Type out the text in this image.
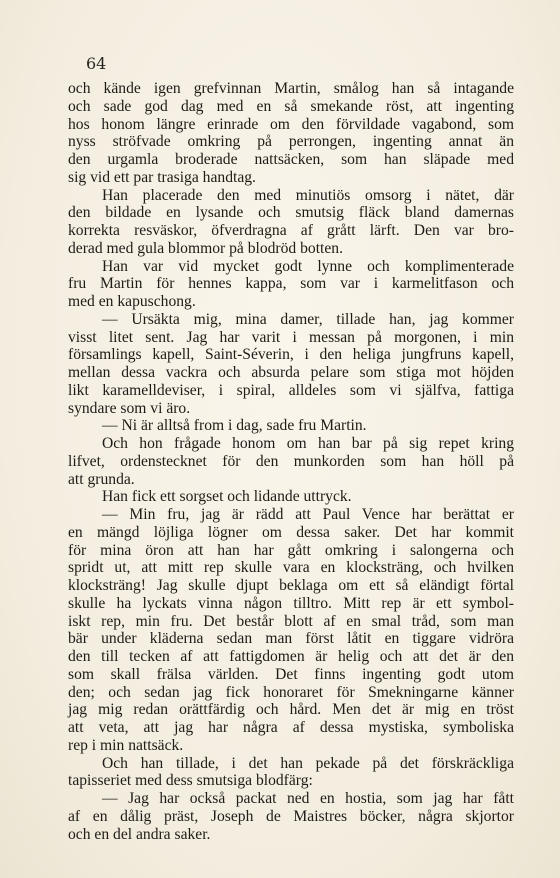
64
och kände igen grefvinnan Martin, smålog han så intagande
och sade god dag med en så smekande röst, att ingenting
hos honom längre erinrade om den förvildade vagabond, som
nyss ströfvade omkring på perrongen, ingenting annat än
den urgamla broderade nattsäcken, som han släpade med
sig vid ett par trasiga handtag.
Han placerade den med minutiös omsorg i nätet, där
den bildade en lysande och smutsig fläck bland damernas
korrekta resväskor, öfverdragna af grått lärft. Den var bro-
derad med gula blommor på blodröd botten.
Han var vid mycket godt lynne och komplimenterade
fru Martin för hennes kappa, som var i karmelitfason och
med en kapuschong.
— Ursäkta mig, mina damer, tillade han, jag kommer
visst litet sent. Jag har varit i messan på morgonen, i min
församlings kapell, Saint-Séverin, i den heliga jungfruns kapell,
mellan dessa vackra och absurda pelare som stiga mot höjden
likt karamelldeviser, i spiral, alldeles som vi själfva, fattiga
syndare som vi äro.
— Ni är alltså from i dag, sade fru Martin.
Och hon frågade honom om han bar på sig repet kring
lifvet, ordenstecknet för den munkorden som han höll på
att grunda.
Han fick ett sorgset och lidande uttryck.
— Min fru, jag är rädd att Paul Vence har berättat er
en mängd löjliga lögner om dessa saker. Det har kommit
för mina öron att han har gått omkring i salongerna och
spridt ut, att mitt rep skulle vara en klocksträng, och hvilken
klocksträng! Jag skulle djupt beklaga om ett så eländigt förtal
skulle ha lyckats vinna någon tilltro. Mitt rep är ett symbol-
iskt rep, min fru. Det består blott af en smal tråd, som man
bär under kläderna sedan man först låtit en tiggare vidröra
den till tecken af att fattigdomen är helig och att det är den
som skall frälsa världen. Det finns ingenting godt utom
den; och sedan jag fick honoraret för Smekningarne känner
jag mig redan orättfärdig och hård. Men det är mig en tröst
att veta, att jag har några af dessa mystiska, symboliska
rep i min nattsäck.
Och han tillade, i det han pekade på det förskräckliga
tapisseriet med dess smutsiga blodfärg:
— Jag har också packat ned en hostia, som jag har fått
af en dålig präst, Joseph de Maistres böcker, några skjortor
och en del andra saker.
